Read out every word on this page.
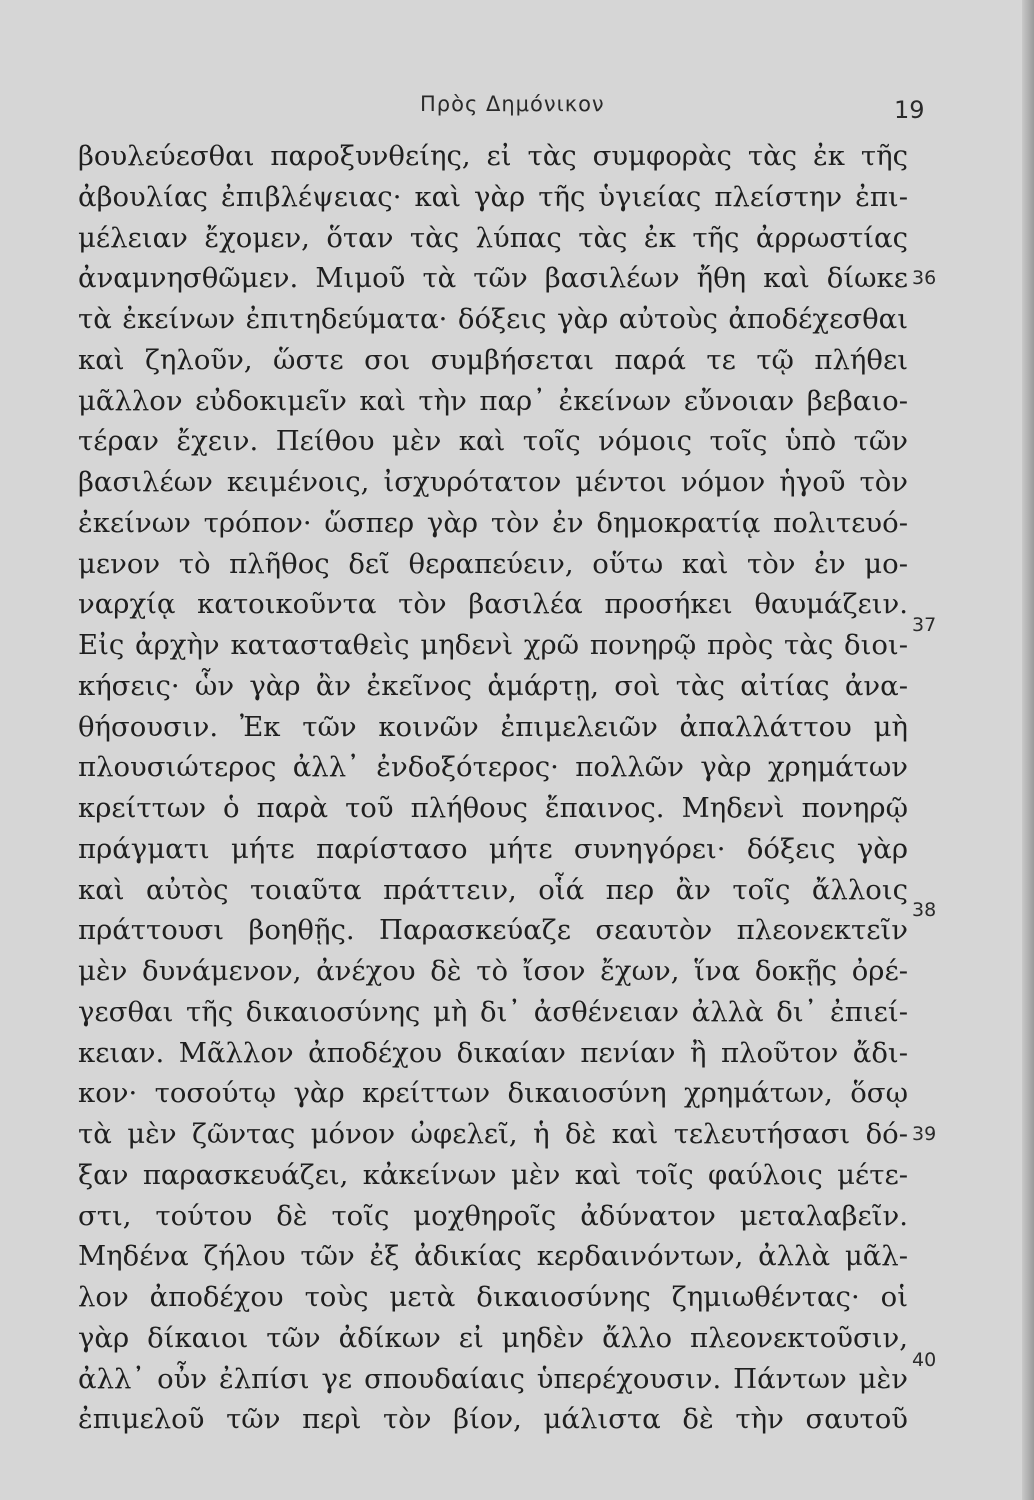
Πρὸς Δημόνικον	19
βουλεύεσθαι παροξυνθείης, εἰ τὰς συμφορὰς τὰς ἐκ τῆς
ἀβουλίας ἐπιβλέψειας· καὶ γὰρ τῆς ὑγιείας πλείστην ἐπι-
μέλειαν ἔχομεν, ὅταν τὰς λύπας τὰς ἐκ τῆς ἀρρωστίας
ἀναμνησθῶμεν. Μιμοῦ τὰ τῶν βασιλέων ἤθη καὶ δίωκε
τὰ ἐκείνων ἐπιτηδεύματα· δόξεις γὰρ αὐτοὺς ἀποδέχεσθαι
καὶ ζηλοῦν, ὥστε σοι συμβήσεται παρά τε τῷ πλήθει
μᾶλλον εὐδοκιμεῖν καὶ τὴν παρ᾽ ἐκείνων εὔνοιαν βεβαιο-
τέραν ἔχειν. Πείθου μὲν καὶ τοῖς νόμοις τοῖς ὑπὸ τῶν
βασιλέων κειμένοις, ἰσχυρότατον μέντοι νόμον ἡγοῦ τὸν
ἐκείνων τρόπον· ὥσπερ γὰρ τὸν ἐν δημοκρατίᾳ πολιτευό-
μενον τὸ πλῆθος δεῖ θεραπεύειν, οὕτω καὶ τὸν ἐν μο-
ναρχίᾳ κατοικοῦντα τὸν βασιλέα προσήκει θαυμάζειν.
Εἰς ἀρχὴν κατασταθεὶς μηδενὶ χρῶ πονηρῷ πρὸς τὰς διοι-
κήσεις· ὧν γὰρ ἂν ἐκεῖνος ἁμάρτῃ, σοὶ τὰς αἰτίας ἀνα-
θήσουσιν. Ἐκ τῶν κοινῶν ἐπιμελειῶν ἀπαλλάττου μὴ
πλουσιώτερος ἀλλ᾽ ἐνδοξότερος· πολλῶν γὰρ χρημάτων
κρείττων ὁ παρὰ τοῦ πλήθους ἔπαινος. Μηδενὶ πονηρῷ
πράγματι μήτε παρίστασο μήτε συνηγόρει· δόξεις γὰρ
καὶ αὐτὸς τοιαῦτα πράττειν, οἷά περ ἂν τοῖς ἄλλοις
πράττουσι βοηθῇς. Παρασκεύαζε σεαυτὸν πλεονεκτεῖν
μὲν δυνάμενον, ἀνέχου δὲ τὸ ἴσον ἔχων, ἵνα δοκῇς ὀρέ-
γεσθαι τῆς δικαιοσύνης μὴ δι᾽ ἀσθένειαν ἀλλὰ δι᾽ ἐπιεί-
κειαν. Μᾶλλον ἀποδέχου δικαίαν πενίαν ἢ πλοῦτον ἄδι-
κον· τοσούτῳ γὰρ κρείττων δικαιοσύνη χρημάτων, ὅσῳ
τὰ μὲν ζῶντας μόνον ὠφελεῖ, ἡ δὲ καὶ τελευτήσασι δό-
ξαν παρασκευάζει, κἀκείνων μὲν καὶ τοῖς φαύλοις μέτε-
στι, τούτου δὲ τοῖς μοχθηροῖς ἀδύνατον μεταλαβεῖν.
Μηδένα ζήλου τῶν ἐξ ἀδικίας κερδαινόντων, ἀλλὰ μᾶλ-
λον ἀποδέχου τοὺς μετὰ δικαιοσύνης ζημιωθέντας· οἱ
γὰρ δίκαιοι τῶν ἀδίκων εἰ μηδὲν ἄλλο πλεονεκτοῦσιν,
ἀλλ᾽ οὖν ἐλπίσι γε σπουδαίαις ὑπερέχουσιν. Πάντων μὲν
ἐπιμελοῦ τῶν περὶ τὸν βίον, μάλιστα δὲ τὴν σαυτοῦ
36
37
38
39
40
